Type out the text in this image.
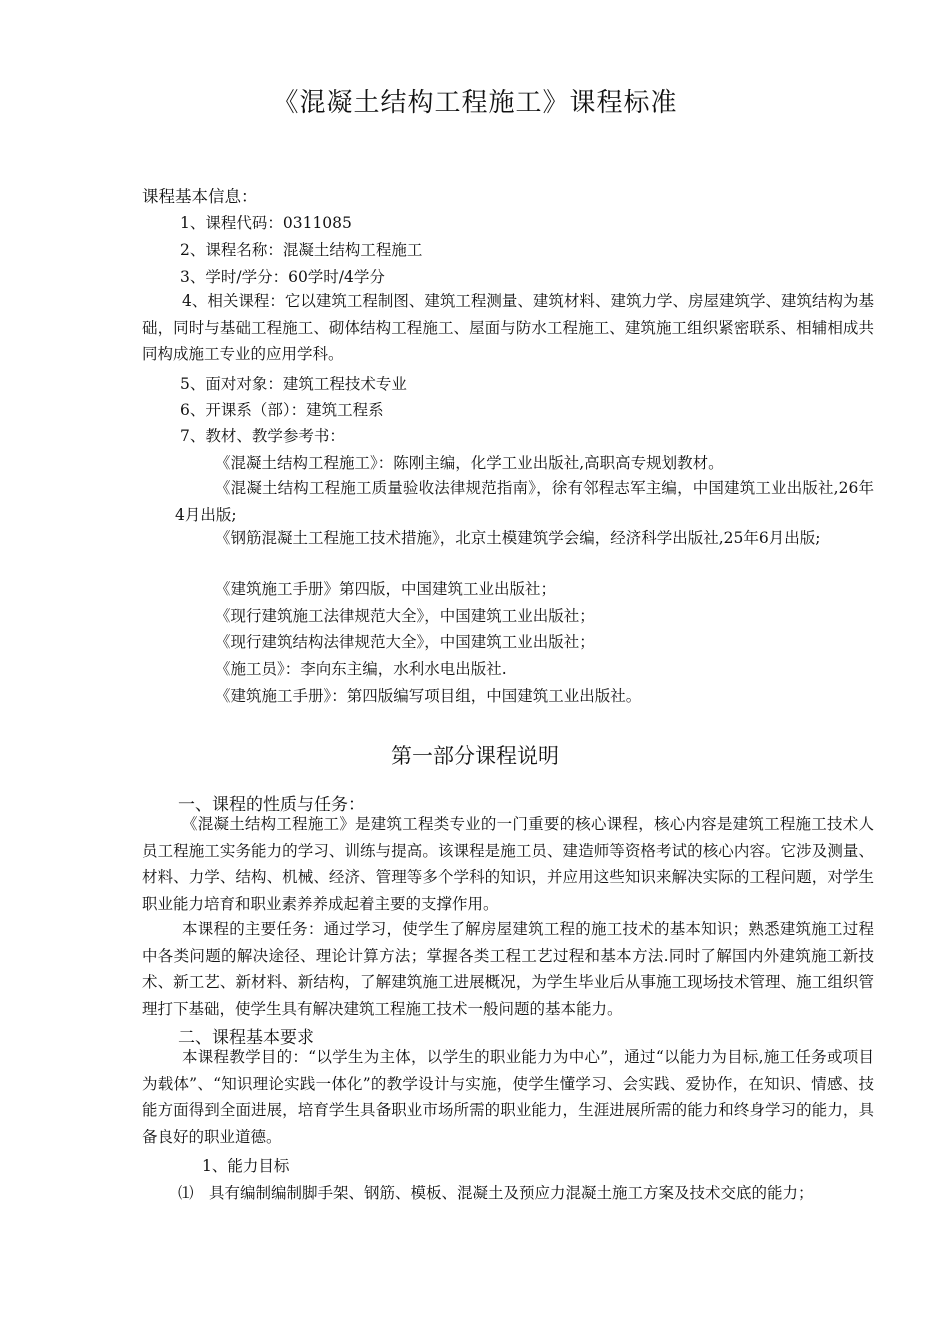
《混凝土结构工程施工》课程标准
课程基本信息：
1、课程代码：0311085
2、课程名称：混凝土结构工程施工
3、学时/学分：60学时/4学分
4、相关课程：它以建筑工程制图、建筑工程测量、建筑材料、建筑力学、房屋建筑学、建筑结构为基础，同时与基础工程施工、砌体结构工程施工、屋面与防水工程施工、建筑施工组织紧密联系、相辅相成共同构成施工专业的应用学科。
5、面对对象：建筑工程技术专业
6、开课系（部）：建筑工程系
7、教材、教学参考书：
《混凝土结构工程施工》：陈刚主编，化学工业出版社,高职高专规划教材。
《混凝土结构工程施工质量验收法律规范指南》，徐有邻程志军主编，中国建筑工业出版社,26年4月出版;
《钢筋混凝土工程施工技术措施》，北京土模建筑学会编，经济科学出版社,25年6月出版;
《建筑施工手册》第四版，中国建筑工业出版社；
《现行建筑施工法律规范大全》，中国建筑工业出版社；
《现行建筑结构法律规范大全》，中国建筑工业出版社；
《施工员》：李向东主编，水利水电出版社.
《建筑施工手册》：第四版编写项目组，中国建筑工业出版社。
第一部分课程说明
一、课程的性质与任务：
《混凝土结构工程施工》是建筑工程类专业的一门重要的核心课程，核心内容是建筑工程施工技术人员工程施工实务能力的学习、训练与提高。该课程是施工员、建造师等资格考试的核心内容。它涉及测量、材料、力学、结构、机械、经济、管理等多个学科的知识，并应用这些知识来解决实际的工程问题，对学生职业能力培育和职业素养养成起着主要的支撑作用。
本课程的主要任务：通过学习，使学生了解房屋建筑工程的施工技术的基本知识；熟悉建筑施工过程中各类问题的解决途径、理论计算方法；掌握各类工程工艺过程和基本方法.同时了解国内外建筑施工新技术、新工艺、新材料、新结构，了解建筑施工进展概况，为学生毕业后从事施工现场技术管理、施工组织管理打下基础，使学生具有解决建筑工程施工技术一般问题的基本能力。
二、课程基本要求
本课程教学目的：“以学生为主体，以学生的职业能力为中心”，通过“以能力为目标,施工任务或项目为载体”、“知识理论实践一体化”的教学设计与实施，使学生懂学习、会实践、爱协作，在知识、情感、技能方面得到全面进展，培育学生具备职业市场所需的职业能力，生涯进展所需的能力和终身学习的能力，具备良好的职业道德。
1、能力目标
⑴　具有编制编制脚手架、钢筋、模板、混凝土及预应力混凝土施工方案及技术交底的能力；
